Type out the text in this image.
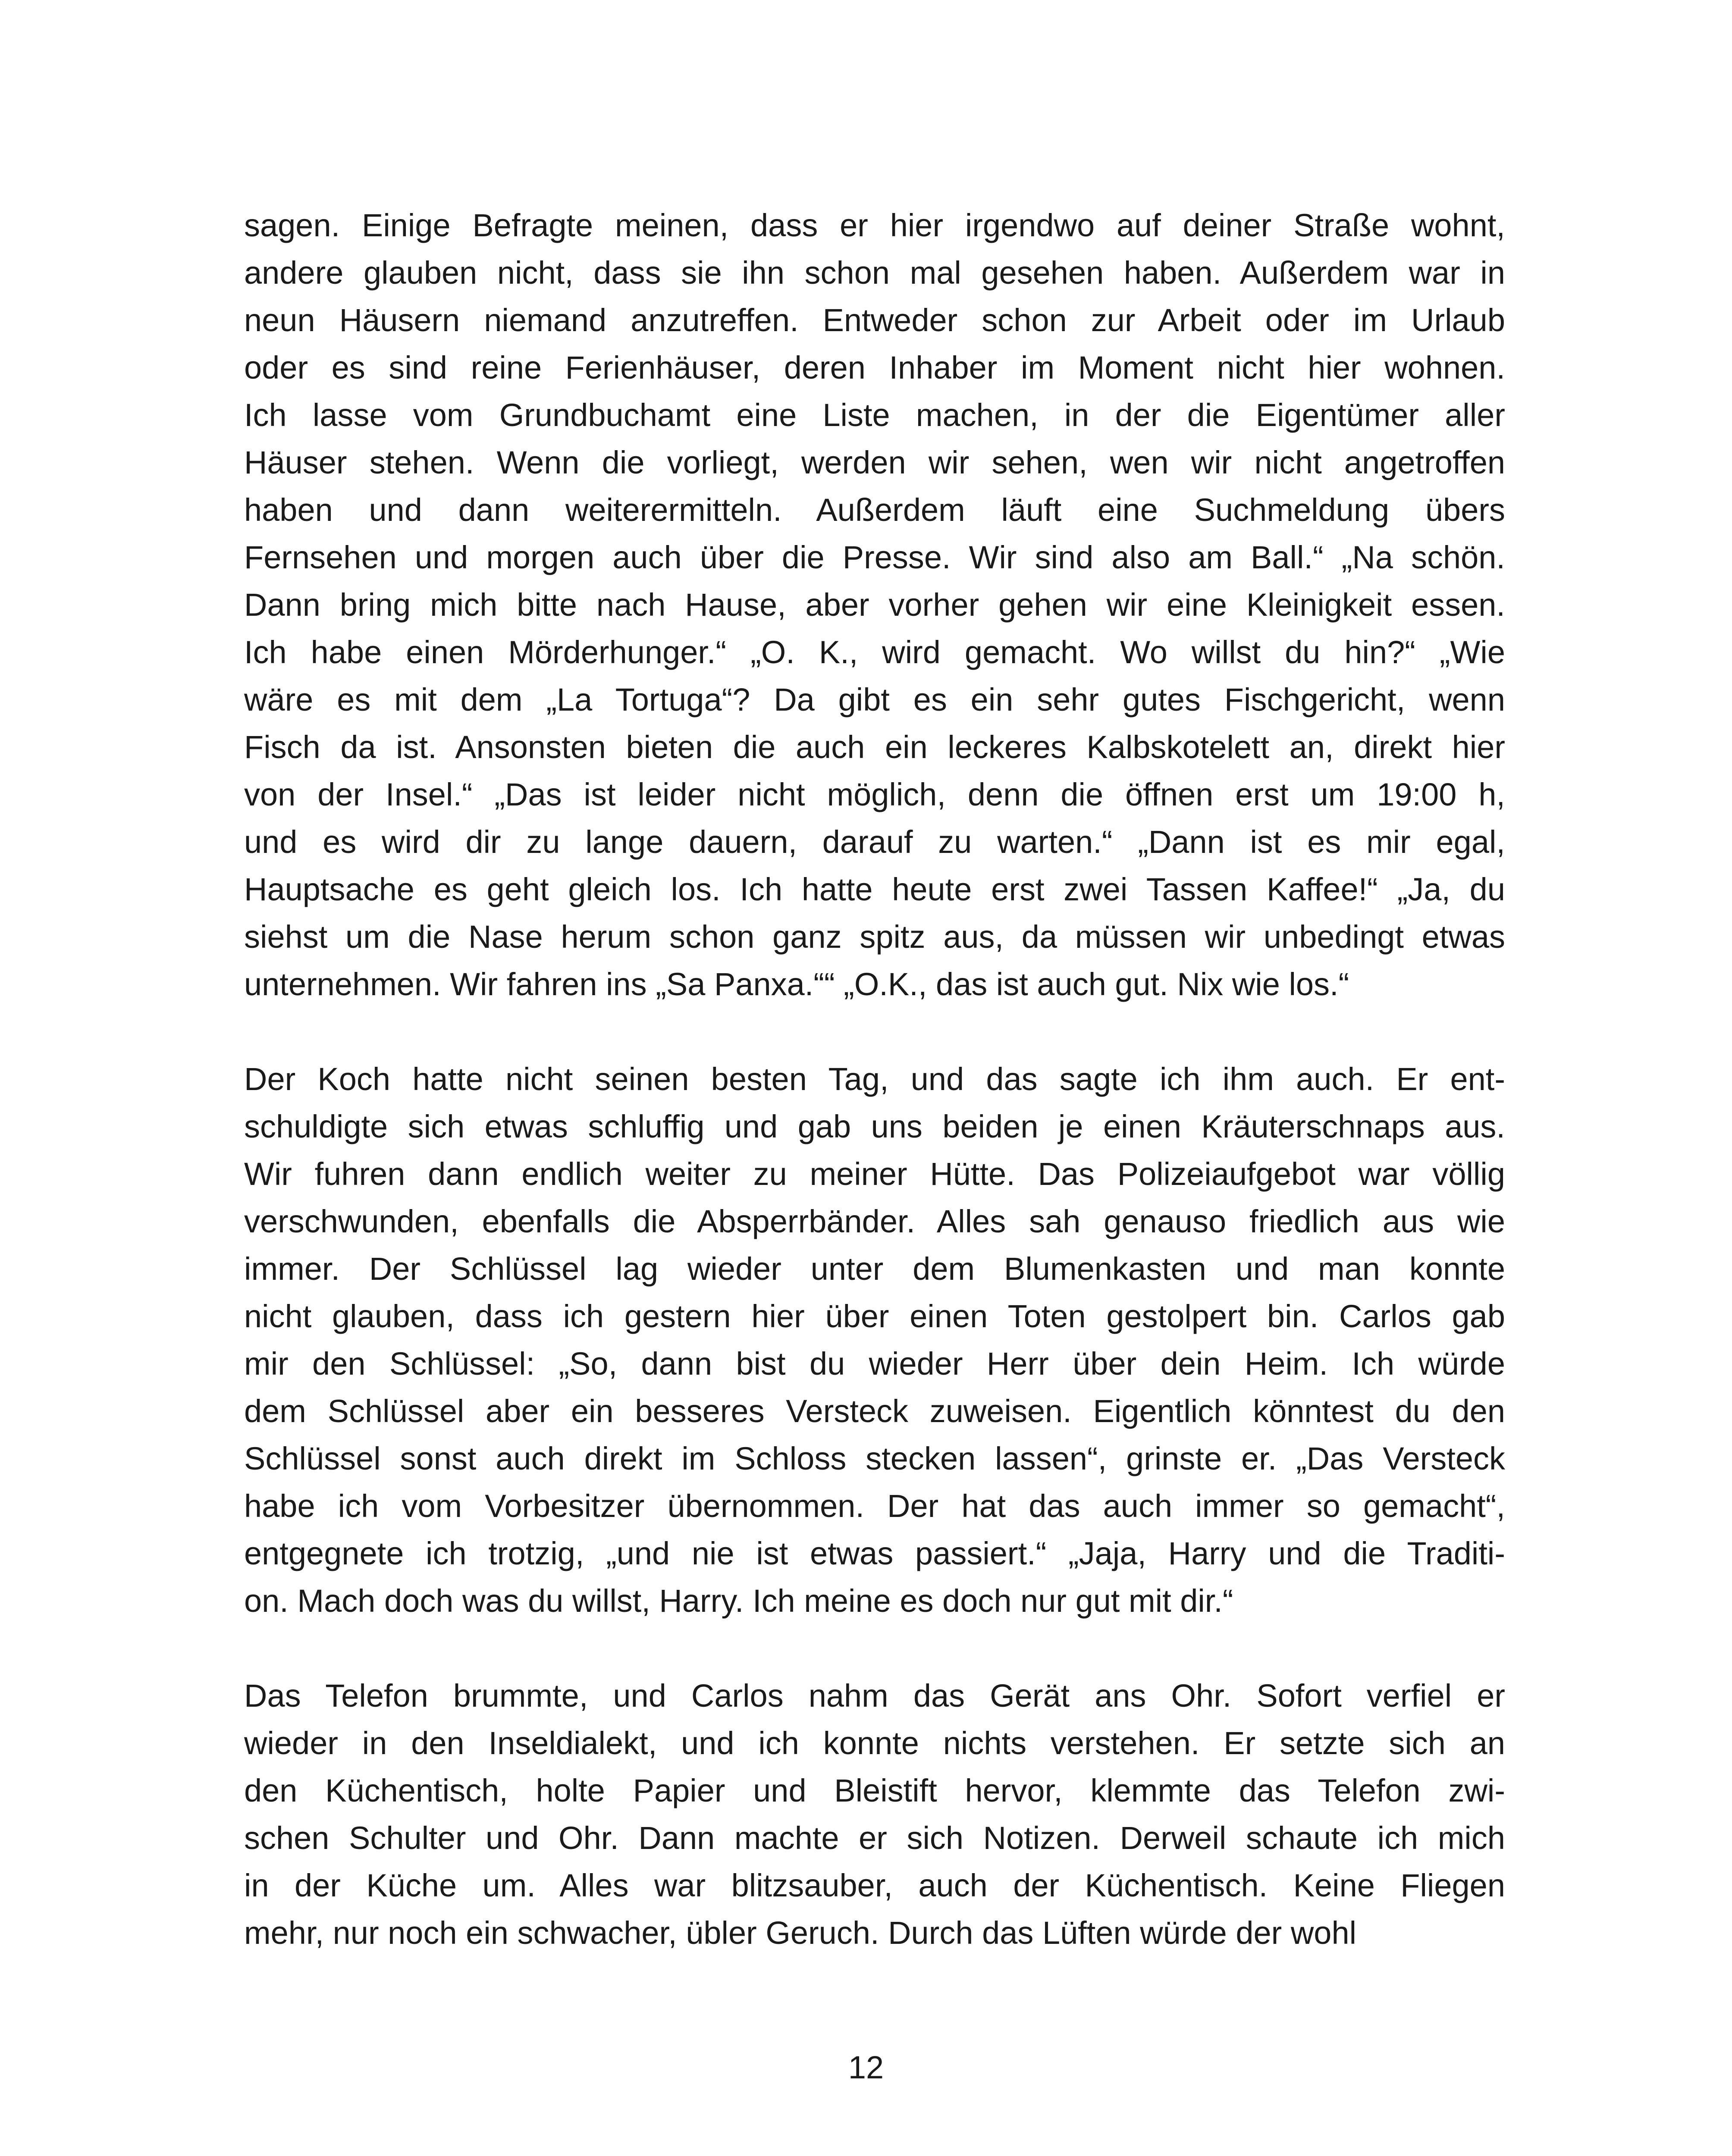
sagen. Einige Befragte meinen, dass er hier irgendwo auf deiner Straße wohnt,
andere glauben nicht, dass sie ihn schon mal gesehen haben. Außerdem war in
neun Häusern niemand anzutreffen. Entweder schon zur Arbeit oder im Urlaub
oder es sind reine Ferienhäuser, deren Inhaber im Moment nicht hier wohnen.
Ich lasse vom Grundbuchamt eine Liste machen, in der die Eigentümer aller
Häuser stehen. Wenn die vorliegt, werden wir sehen, wen wir nicht angetroffen
haben und dann weiterermitteln. Außerdem läuft eine Suchmeldung übers
Fernsehen und morgen auch über die Presse. Wir sind also am Ball.“ „Na schön.
Dann bring mich bitte nach Hause, aber vorher gehen wir eine Kleinigkeit essen.
Ich habe einen Mörderhunger.“ „O. K., wird gemacht. Wo willst du hin?“ „Wie
wäre es mit dem „La Tortuga“? Da gibt es ein sehr gutes Fischgericht, wenn
Fisch da ist. Ansonsten bieten die auch ein leckeres Kalbskotelett an, direkt hier
von der Insel.“ „Das ist leider nicht möglich, denn die öffnen erst um 19:00 h,
und es wird dir zu lange dauern, darauf zu warten.“ „Dann ist es mir egal,
Hauptsache es geht gleich los. Ich hatte heute erst zwei Tassen Kaffee!“ „Ja, du
siehst um die Nase herum schon ganz spitz aus, da müssen wir unbedingt etwas
unternehmen. Wir fahren ins „Sa Panxa.““ „O.K., das ist auch gut. Nix wie los.“
Der Koch hatte nicht seinen besten Tag, und das sagte ich ihm auch. Er ent-
schuldigte sich etwas schluffig und gab uns beiden je einen Kräuterschnaps aus.
Wir fuhren dann endlich weiter zu meiner Hütte. Das Polizeiaufgebot war völlig
verschwunden, ebenfalls die Absperrbänder. Alles sah genauso friedlich aus wie
immer. Der Schlüssel lag wieder unter dem Blumenkasten und man konnte
nicht glauben, dass ich gestern hier über einen Toten gestolpert bin. Carlos gab
mir den Schlüssel: „So, dann bist du wieder Herr über dein Heim. Ich würde
dem Schlüssel aber ein besseres Versteck zuweisen. Eigentlich könntest du den
Schlüssel sonst auch direkt im Schloss stecken lassen“, grinste er. „Das Versteck
habe ich vom Vorbesitzer übernommen. Der hat das auch immer so gemacht“,
entgegnete ich trotzig, „und nie ist etwas passiert.“ „Jaja, Harry und die Traditi-
on. Mach doch was du willst, Harry. Ich meine es doch nur gut mit dir.“
Das Telefon brummte, und Carlos nahm das Gerät ans Ohr. Sofort verfiel er
wieder in den Inseldialekt, und ich konnte nichts verstehen. Er setzte sich an
den Küchentisch, holte Papier und Bleistift hervor, klemmte das Telefon zwi-
schen Schulter und Ohr. Dann machte er sich Notizen. Derweil schaute ich mich
in der Küche um. Alles war blitzsauber, auch der Küchentisch. Keine Fliegen
mehr, nur noch ein schwacher, übler Geruch. Durch das Lüften würde der wohl
12
